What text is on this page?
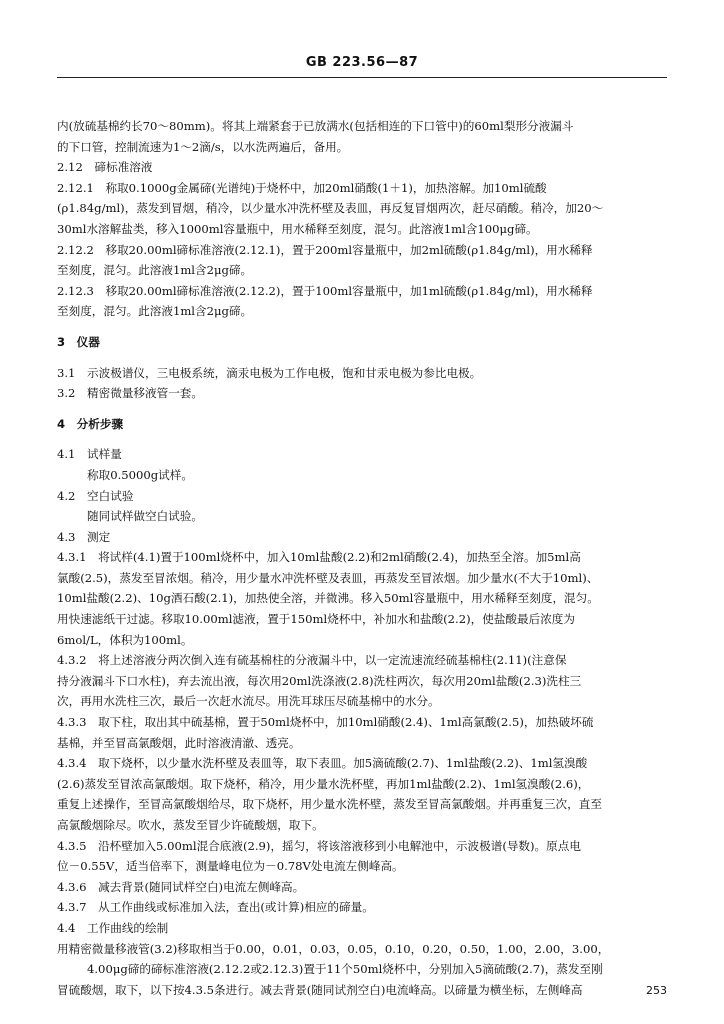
GB 223.56—87
内(放硫基棉约长70～80mm)。将其上端紧套于已放满水(包括相连的下口管中)的60ml梨形分液漏斗
的下口管，控制流速为1～2滴/s，以水洗两遍后，备用。
2.12　碲标准溶液
2.12.1　称取0.1000g金属碲(光谱纯)于烧杯中，加20ml硝酸(1＋1)，加热溶解。加10ml硫酸
(ρ1.84g/ml)，蒸发到冒烟，稍冷，以少量水冲洗杯壁及表皿，再反复冒烟两次，赶尽硝酸。稍冷，加20～
30ml水溶解盐类，移入1000ml容量瓶中，用水稀释至刻度，混匀。此溶液1ml含100μg碲。
2.12.2　移取20.00ml碲标准溶液(2.12.1)，置于200ml容量瓶中，加2ml硫酸(ρ1.84g/ml)，用水稀释
至刻度，混匀。此溶液1ml含2μg碲。
2.12.3　移取20.00ml碲标准溶液(2.12.2)，置于100ml容量瓶中，加1ml硫酸(ρ1.84g/ml)，用水稀释
至刻度，混匀。此溶液1ml含2μg碲。
3　仪器
3.1　示波极谱仪，三电极系统，滴汞电极为工作电极，饱和甘汞电极为参比电极。
3.2　精密微量移液管一套。
4　分析步骤
4.1　试样量
称取0.5000g试样。
4.2　空白试验
随同试样做空白试验。
4.3　测定
4.3.1　将试样(4.1)置于100ml烧杯中，加入10ml盐酸(2.2)和2ml硝酸(2.4)，加热至全溶。加5ml高
氯酸(2.5)，蒸发至冒浓烟。稍冷，用少量水冲洗杯壁及表皿，再蒸发至冒浓烟。加少量水(不大于10ml)、
10ml盐酸(2.2)、10g酒石酸(2.1)，加热使全溶，并微沸。移入50ml容量瓶中，用水稀释至刻度，混匀。
用快速滤纸干过滤。移取10.00ml滤液，置于150ml烧杯中，补加水和盐酸(2.2)，使盐酸最后浓度为
6mol/L，体积为100ml。
4.3.2　将上述溶液分两次倒入连有硫基棉柱的分液漏斗中，以一定流速流经硫基棉柱(2.11)(注意保
持分液漏斗下口水柱)，弃去流出液，每次用20ml洗涤液(2.8)洗柱两次，每次用20ml盐酸(2.3)洗柱三
次，再用水洗柱三次，最后一次赶水流尽。用洗耳球压尽硫基棉中的水分。
4.3.3　取下柱，取出其中硫基棉，置于50ml烧杯中，加10ml硝酸(2.4)、1ml高氯酸(2.5)，加热破坏硫
基棉，并至冒高氯酸烟，此时溶液清澈、透亮。
4.3.4　取下烧杯，以少量水洗杯壁及表皿等，取下表皿。加5滴硫酸(2.7)、1ml盐酸(2.2)、1ml氢溴酸
(2.6)蒸发至冒浓高氯酸烟。取下烧杯，稍冷，用少量水洗杯壁，再加1ml盐酸(2.2)、1ml氢溴酸(2.6)，
重复上述操作，至冒高氯酸烟给尽，取下烧杯，用少量水洗杯壁，蒸发至冒高氯酸烟。并再重复三次，直至
高氯酸烟除尽。吹水，蒸发至冒少许硫酸烟，取下。
4.3.5　沿杯壁加入5.00ml混合底液(2.9)，摇匀，将该溶液移到小电解池中，示波极谱(导数)。原点电
位－0.55V，适当倍率下，测量峰电位为－0.78V处电流左侧峰高。
4.3.6　减去背景(随同试样空白)电流左侧峰高。
4.3.7　从工作曲线或标准加入法，查出(或计算)相应的碲量。
4.4　工作曲线的绘制
用精密微量移液管(3.2)移取相当于0.00，0.01，0.03，0.05，0.10，0.20，0.50，1.00，2.00，3.00，
4.00μg碲的碲标准溶液(2.12.2或2.12.3)置于11个50ml烧杯中，分别加入5滴硫酸(2.7)，蒸发至刚
冒硫酸烟，取下，以下按4.3.5条进行。减去背景(随同试剂空白)电流峰高。以碲量为横坐标，左侧峰高	253
